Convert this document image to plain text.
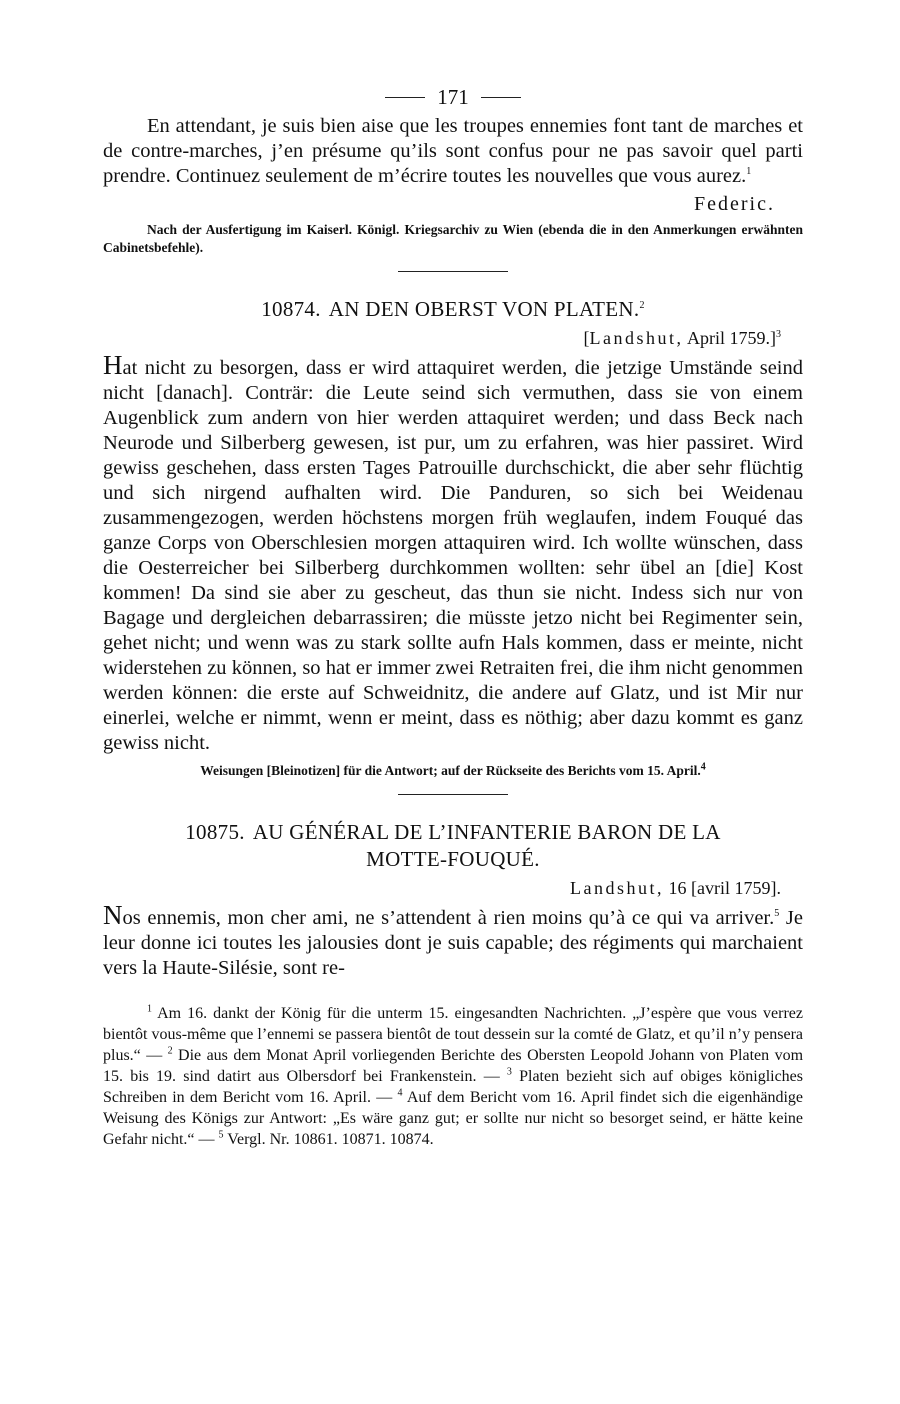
171

En attendant, je suis bien aise que les troupes ennemies font tant de marches et de contre-marches, j’en présume qu’ils sont confus pour ne pas savoir quel parti prendre. Continuez seulement de m’écrire toutes les nouvelles que vous aurez.$^1$

Federic.

Nach der Ausfertigung im Kaiserl. Königl. Kriegsarchiv zu Wien (ebenda die in den Anmerkungen erwähnten Cabinetsbefehle).

10874. AN DEN OBERST VON PLATEN.$^2$

[Landshut, April 1759.]$^3$

Hat nicht zu besorgen, dass er wird attaquiret werden, die jetzige Umstände seind nicht [danach]. Conträr: die Leute seind sich vermuthen, dass sie von einem Augenblick zum andern von hier werden attaquiret werden; und dass Beck nach Neurode und Silberberg gewesen, ist pur, um zu erfahren, was hier passiret. Wird gewiss geschehen, dass ersten Tages Patrouille durchschickt, die aber sehr flüchtig und sich nirgend aufhalten wird. Die Panduren, so sich bei Weidenau zusammengezogen, werden höchstens morgen früh weglaufen, indem Fouqué das ganze Corps von Oberschlesien morgen attaquiren wird. Ich wollte wünschen, dass die Oesterreicher bei Silberberg durchkommen wollten: sehr übel an [die] Kost kommen! Da sind sie aber zu gescheut, das thun sie nicht. Indess sich nur von Bagage und dergleichen debarrassiren; die müsste jetzo nicht bei Regimenter sein, gehet nicht; und wenn was zu stark sollte aufn Hals kommen, dass er meinte, nicht widerstehen zu können, so hat er immer zwei Retraiten frei, die ihm nicht genommen werden können: die erste auf Schweidnitz, die andere auf Glatz, und ist Mir nur einerlei, welche er nimmt, wenn er meint, dass es nöthig; aber dazu kommt es ganz gewiss nicht.

Weisungen [Bleinotizen] für die Antwort; auf der Rückseite des Berichts vom 15. April.$^4$

10875. AU GÉNÉRAL DE L’INFANTERIE BARON DE LA

MOTTE-FOUQUÉ.

Landshut, 16 [avril 1759].

Nos ennemis, mon cher ami, ne s’attendent à rien moins qu’à ce qui va arriver.$^5$ Je leur donne ici toutes les jalousies dont je suis capable; des régiments qui marchaient vers la Haute-Silésie, sont re-

$^1$ Am 16. dankt der König für die unterm 15. eingesandten Nachrichten. „J’espère que vous verrez bientôt vous-même que l’ennemi se passera bientôt de tout dessein sur la comté de Glatz, et qu’il n’y pensera plus.“ — $^2$ Die aus dem Monat April vorliegenden Berichte des Obersten Leopold Johann von Platen vom 15. bis 19. sind datirt aus Olbersdorf bei Frankenstein. — $^3$ Platen bezieht sich auf obiges königliches Schreiben in dem Bericht vom 16. April. — $^4$ Auf dem Bericht vom 16. April findet sich die eigenhändige Weisung des Königs zur Antwort: „Es wäre ganz gut; er sollte nur nicht so besorget seind, er hätte keine Gefahr nicht.“ — $^5$ Vergl. Nr. 10861. 10871. 10874.
